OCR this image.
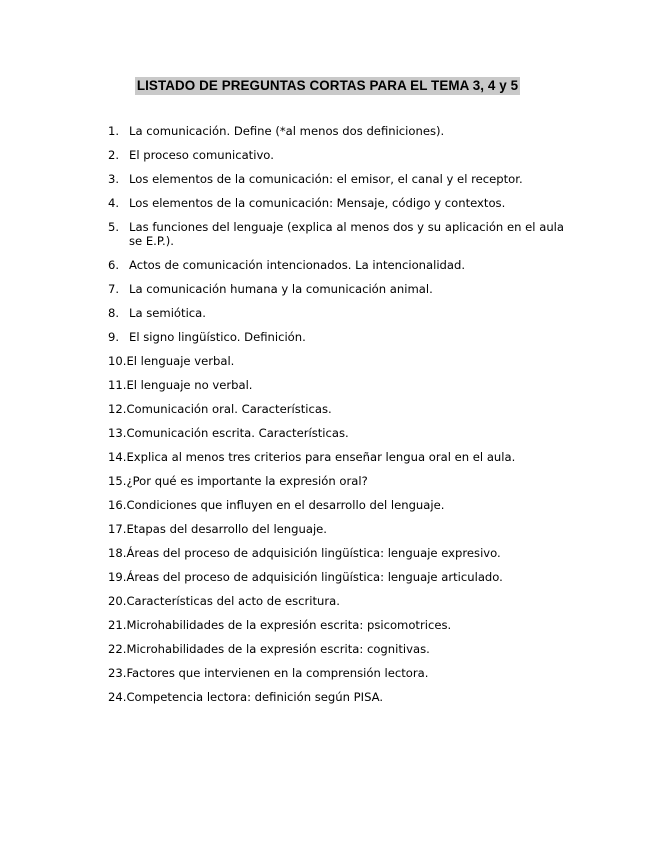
LISTADO DE PREGUNTAS CORTAS PARA EL TEMA 3, 4 y 5
1. La comunicación. Define (*al menos dos definiciones).
2. El proceso comunicativo.
3. Los elementos de la comunicación: el emisor, el canal y el receptor.
4. Los elementos de la comunicación: Mensaje, código y contextos.
5. Las funciones del lenguaje (explica al menos dos y su aplicación en el aula se E.P.).
6. Actos de comunicación intencionados. La intencionalidad.
7. La comunicación humana y la comunicación animal.
8. La semiótica.
9. El signo lingüístico. Definición.
10. El lenguaje verbal.
11. El lenguaje no verbal.
12. Comunicación oral. Características.
13. Comunicación escrita. Características.
14. Explica al menos tres criterios para enseñar lengua oral en el aula.
15. ¿Por qué es importante la expresión oral?
16. Condiciones que influyen en el desarrollo del lenguaje.
17. Etapas del desarrollo del lenguaje.
18. Áreas del proceso de adquisición lingüística: lenguaje expresivo.
19. Áreas del proceso de adquisición lingüística: lenguaje articulado.
20. Características del acto de escritura.
21. Microhabilidades de la expresión escrita: psicomotrices.
22. Microhabilidades de la expresión escrita: cognitivas.
23. Factores que intervienen en la comprensión lectora.
24. Competencia lectora: definición según PISA.
